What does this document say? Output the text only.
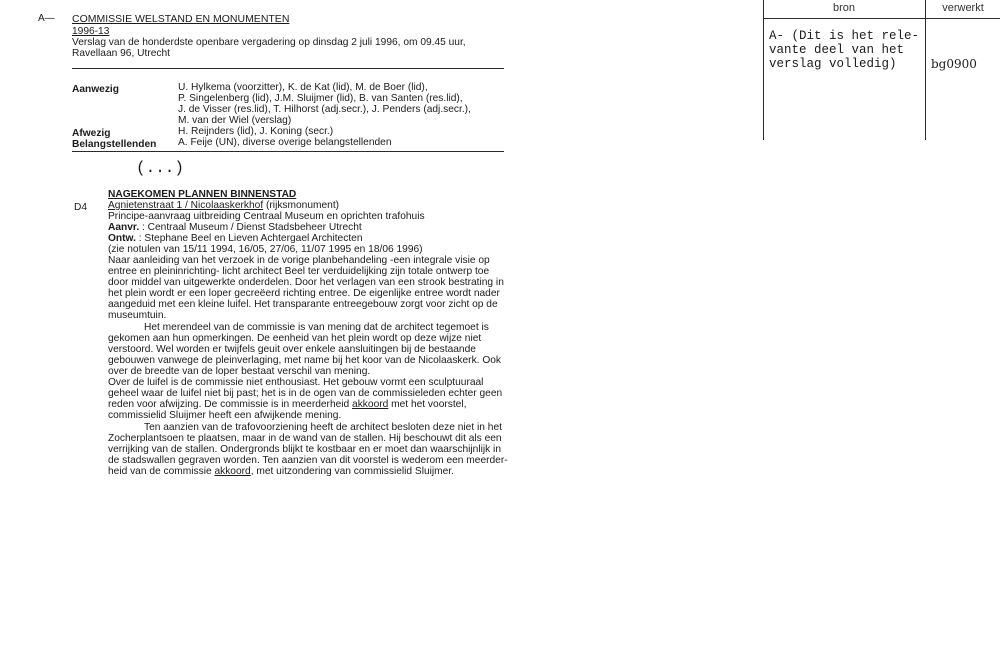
A— COMMISSIE WELSTAND EN MONUMENTEN
1996-13
Verslag van de honderdste openbare vergadering op dinsdag 2 juli 1996, om 09.45 uur,
Ravellaan 96, Utrecht
Aanwezig	U. Hylkema (voorzitter), K. de Kat (lid), M. de Boer (lid),
P. Singelenberg (lid), J.M. Sluijmer (lid), B. van Santen (res.lid),
J. de Visser (res.lid), T. Hilhorst (adj.secr.), J. Penders (adj.secr.),
M. van der Wiel (verslag)
Afwezig	H. Reijnders (lid), J. Koning (secr.)
Belangstellenden A. Feije (UN), diverse overige belangstellenden
(...)
NAGEKOMEN PLANNEN BINNENSTAD
D4 Agnietenstraat 1 / Nicolaaskerkhof (rijksmonument)
Principe-aanvraag uitbreiding Centraal Museum en oprichten trafohuis
Aanvr. : Centraal Museum / Dienst Stadsbeheer Utrecht
Ontw. : Stephane Beel en Lieven Achtergael Architecten
(zie notulen van 15/11 1994, 16/05, 27/06, 11/07 1995 en 18/06 1996)
Naar aanleiding van het verzoek in de vorige planbehandeling -een integrale visie op
entree en pleininrichting- licht architect Beel ter verduidelijking zijn totale ontwerp toe
door middel van uitgewerkte onderdelen. Door het verlagen van een strook bestrating in
het plein wordt er een loper gecreëerd richting entree. De eigenlijke entree wordt nader
aangeduid met een kleine luifel. Het transparante entreegebouw zorgt voor zicht op de
museumtuin.
Het merendeel van de commissie is van mening dat de architect tegemoet is
gekomen aan hun opmerkingen. De eenheid van het plein wordt op deze wijze niet
verstoord. Wel worden er twijfels geuit over enkele aansluitingen bij de bestaande
gebouwen vanwege de pleinverlaging, met name bij het koor van de Nicolaaskerk. Ook
over de breedte van de loper bestaat verschil van mening.
Over de luifel is de commissie niet enthousiast. Het gebouw vormt een sculptuuraal
geheel waar de luifel niet bij past; het is in de ogen van de commissieleden echter geen
reden voor afwijzing. De commissie is in meerderheid akkoord met het voorstel,
commissielid Sluijmer heeft een afwijkende mening.
Ten aanzien van de trafovoorziening heeft de architect besloten deze niet in het
Zocherplantsoen te plaatsen, maar in de wand van de stallen. Hij beschouwt dit als een
verrijking van de stallen. Ondergronds blijkt te kostbaar en er moet dan waarschijnlijk in
de stadswallen gegraven worden. Ten aanzien van dit voorstel is wederom een meerder-
heid van de commissie akkoord, met uitzondering van commissielid Sluijmer.
bron	verwerkt
A- (Dit is het rele-
vante deel van het
verslag volledig)	bg0900
